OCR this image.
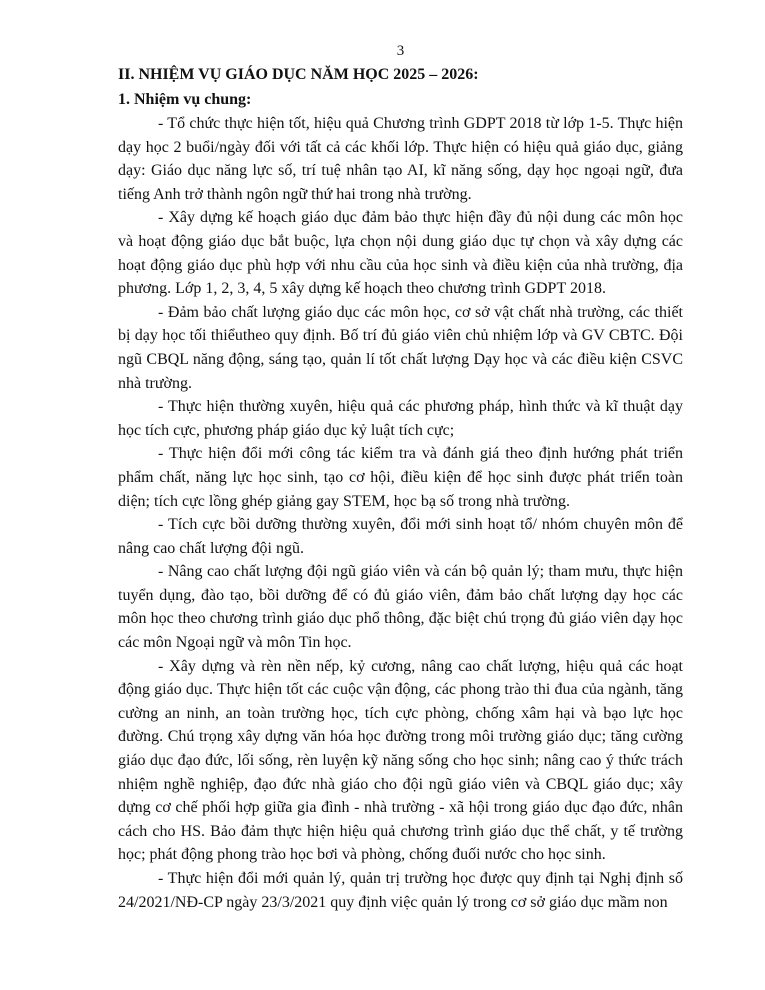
3

II. NHIỆM VỤ GIÁO DỤC NĂM HỌC 2025 – 2026:

1. Nhiệm vụ chung:

- Tổ chức thực hiện tốt, hiệu quả Chương trình GDPT 2018 từ lớp 1-5. Thực hiện dạy học 2 buổi/ngày đối với tất cả các khối lớp. Thực hiện có hiệu quả giáo dục, giảng dạy: Giáo dục năng lực số, trí tuệ nhân tạo AI, kĩ năng sống, dạy học ngoại ngữ, đưa tiếng Anh trở thành ngôn ngữ thứ hai trong nhà trường.

- Xây dựng kế hoạch giáo dục đảm bảo thực hiện đầy đủ nội dung các môn học và hoạt động giáo dục bắt buộc, lựa chọn nội dung giáo dục tự chọn và xây dựng các hoạt động giáo dục phù hợp với nhu cầu của học sinh và điều kiện của nhà trường, địa phương. Lớp 1, 2, 3, 4, 5 xây dựng kế hoạch theo chương trình GDPT 2018.

- Đảm bảo chất lượng giáo dục các môn học, cơ sở vật chất nhà trường, các thiết bị dạy học tối thiểutheo quy định. Bố trí đủ giáo viên chủ nhiệm lớp và GV CBTC. Đội ngũ CBQL năng động, sáng tạo, quản lí tốt chất lượng Dạy học và các điều kiện CSVC nhà trường.

- Thực hiện thường xuyên, hiệu quả các phương pháp, hình thức và kĩ thuật dạy học tích cực, phương pháp giáo dục kỷ luật tích cực;

- Thực hiện đổi mới công tác kiểm tra và đánh giá theo định hướng phát triển phẩm chất, năng lực học sinh, tạo cơ hội, điều kiện để học sinh được phát triển toàn diện; tích cực lồng ghép giảng gay STEM, học bạ số trong nhà trường.

- Tích cực bồi dưỡng thường xuyên, đổi mới sinh hoạt tổ/ nhóm chuyên môn để nâng cao chất lượng đội ngũ.

- Nâng cao chất lượng đội ngũ giáo viên và cán bộ quản lý; tham mưu, thực hiện tuyển dụng, đào tạo, bồi dưỡng để có đủ giáo viên, đảm bảo chất lượng dạy học các môn học theo chương trình giáo dục phổ thông, đặc biệt chú trọng đủ giáo viên dạy học các môn Ngoại ngữ và môn Tin học.

- Xây dựng và rèn nền nếp, kỷ cương, nâng cao chất lượng, hiệu quả các hoạt động giáo dục. Thực hiện tốt các cuộc vận động, các phong trào thi đua của ngành, tăng cường an ninh, an toàn trường học, tích cực phòng, chống xâm hại và bạo lực học đường. Chú trọng xây dựng văn hóa học đường trong môi trường giáo dục; tăng cường giáo dục đạo đức, lối sống, rèn luyện kỹ năng sống cho học sinh; nâng cao ý thức trách nhiệm nghề nghiệp, đạo đức nhà giáo cho đội ngũ giáo viên và CBQL giáo dục; xây dựng cơ chế phối hợp giữa gia đình - nhà trường - xã hội trong giáo dục đạo đức, nhân cách cho HS. Bảo đảm thực hiện hiệu quả chương trình giáo dục thể chất, y tế trường học; phát động phong trào học bơi và phòng, chống đuối nước cho học sinh.

- Thực hiện đổi mới quản lý, quản trị trường học được quy định tại Nghị định số 24/2021/NĐ-CP ngày 23/3/2021 quy định việc quản lý trong cơ sở giáo dục mầm non
